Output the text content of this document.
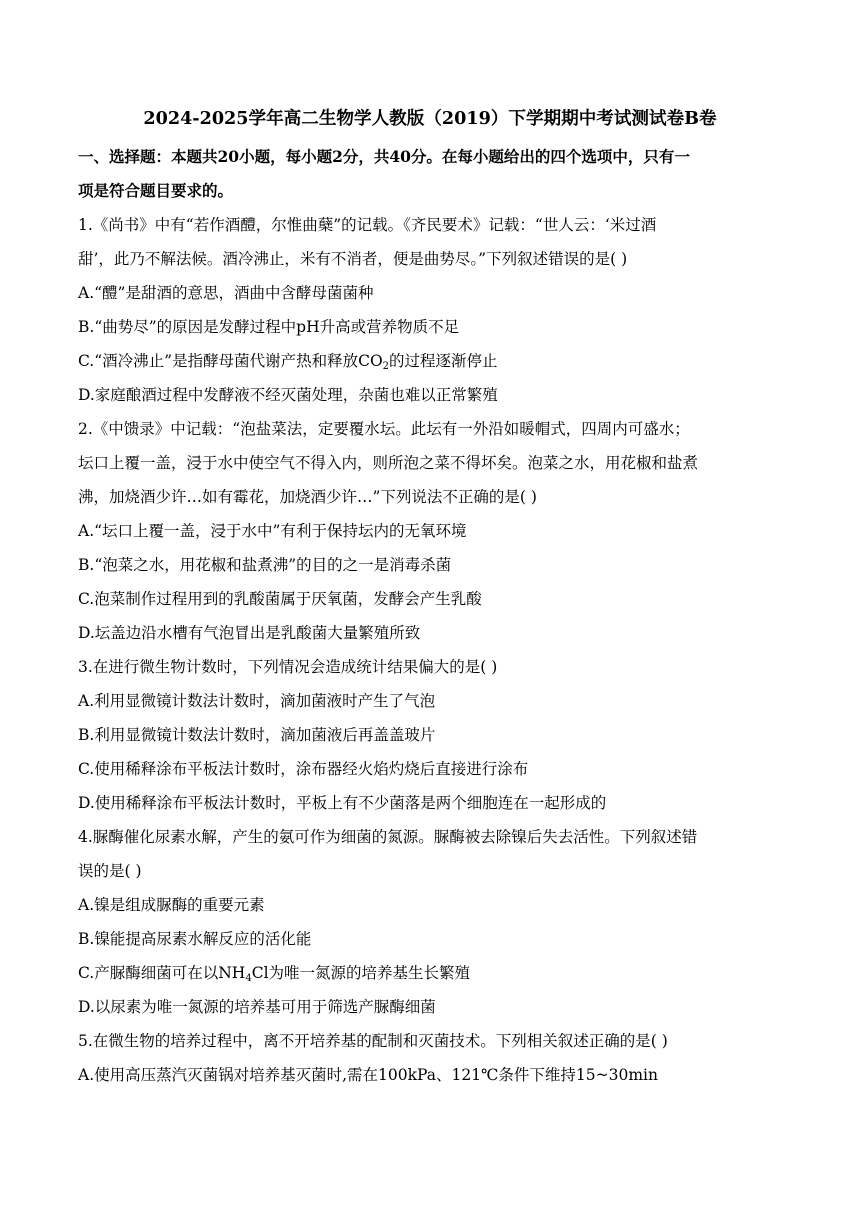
2024-2025学年高二生物学人教版（2019）下学期期中考试测试卷B卷
一、选择题：本题共20小题，每小题2分，共40分。在每小题给出的四个选项中，只有一
项是符合题目要求的。
1.《尚书》中有“若作酒醴，尔惟曲蘖”的记载。《齐民要术》记载：“世人云：‘米过酒
甜’，此乃不解法候。酒冷沸止，米有不消者，便是曲势尽。”下列叙述错误的是( )
A.“醴”是甜酒的意思，酒曲中含酵母菌菌种
B.“曲势尽”的原因是发酵过程中pH升高或营养物质不足
C.“酒冷沸止”是指酵母菌代谢产热和释放$CO_2$的过程逐渐停止
D.家庭酿酒过程中发酵液不经灭菌处理，杂菌也难以正常繁殖
2.《中馈录》中记载：“泡盐菜法，定要覆水坛。此坛有一外沿如暖帽式，四周内可盛水；
坛口上覆一盖，浸于水中使空气不得入内，则所泡之菜不得坏矣。泡菜之水，用花椒和盐煮
沸，加烧酒少许…如有霉花，加烧酒少许…”下列说法不正确的是( )
A.“坛口上覆一盖，浸于水中”有利于保持坛内的无氧环境
B.“泡菜之水，用花椒和盐煮沸”的目的之一是消毒杀菌
C.泡菜制作过程用到的乳酸菌属于厌氧菌，发酵会产生乳酸
D.坛盖边沿水槽有气泡冒出是乳酸菌大量繁殖所致
3.在进行微生物计数时，下列情况会造成统计结果偏大的是( )
A.利用显微镜计数法计数时，滴加菌液时产生了气泡
B.利用显微镜计数法计数时，滴加菌液后再盖盖玻片
C.使用稀释涂布平板法计数时，涂布器经火焰灼烧后直接进行涂布
D.使用稀释涂布平板法计数时，平板上有不少菌落是两个细胞连在一起形成的
4.脲酶催化尿素水解，产生的氨可作为细菌的氮源。脲酶被去除镍后失去活性。下列叙述错
误的是( )
A.镍是组成脲酶的重要元素
B.镍能提高尿素水解反应的活化能
C.产脲酶细菌可在以$NH_4Cl$为唯一氮源的培养基生长繁殖
D.以尿素为唯一氮源的培养基可用于筛选产脲酶细菌
5.在微生物的培养过程中，离不开培养基的配制和灭菌技术。下列相关叙述正确的是( )
A.使用高压蒸汽灭菌锅对培养基灭菌时,需在100kPa、121℃条件下维持15~30min
